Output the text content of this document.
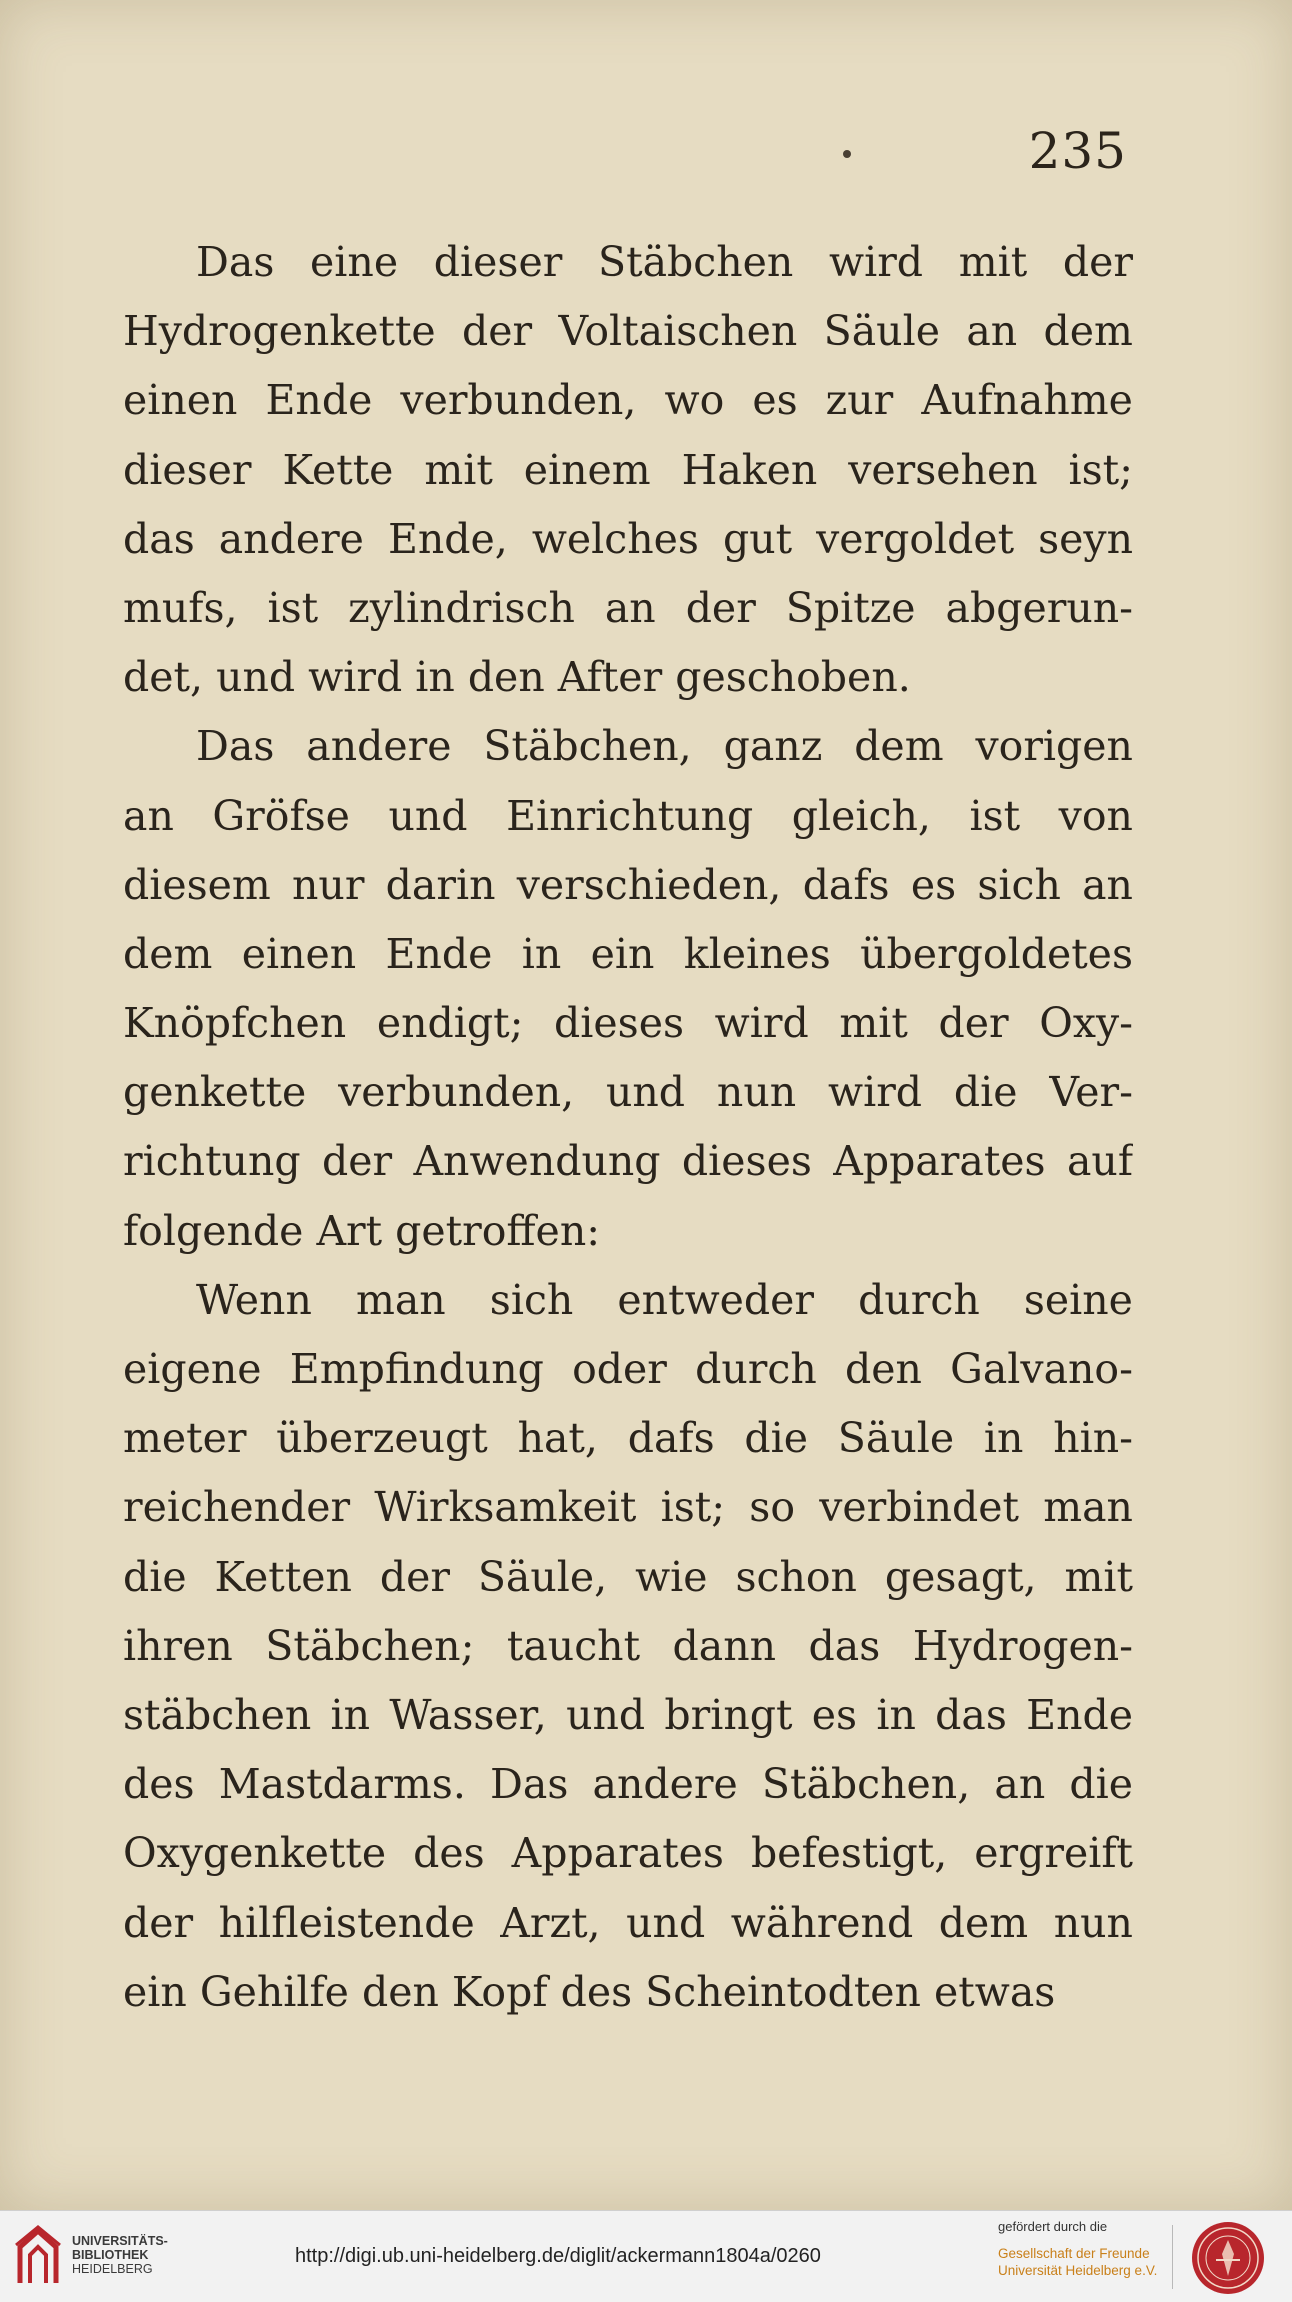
235
Das eine dieser Stäbchen wird mit der
Hydrogenkette der Voltaischen Säule an dem
einen Ende verbunden, wo es zur Aufnahme
dieser Kette mit einem Haken versehen ist;
das andere Ende, welches gut vergoldet seyn
mufs, ist zylindrisch an der Spitze abgerun-
det, und wird in den After geschoben.
Das andere Stäbchen, ganz dem vorigen
an Gröfse und Einrichtung gleich, ist von
diesem nur darin verschieden, dafs es sich an
dem einen Ende in ein kleines übergoldetes
Knöpfchen endigt; dieses wird mit der Oxy-
genkette verbunden, und nun wird die Ver-
richtung der Anwendung dieses Apparates auf
folgende Art getroffen:
Wenn man sich entweder durch seine
eigene Empfindung oder durch den Galvano-
meter überzeugt hat, dafs die Säule in hin-
reichender Wirksamkeit ist; so verbindet man
die Ketten der Säule, wie schon gesagt, mit
ihren Stäbchen; taucht dann das Hydrogen-
stäbchen in Wasser, und bringt es in das Ende
des Mastdarms. Das andere Stäbchen, an die
Oxygenkette des Apparates befestigt, ergreift
der hilfleistende Arzt, und während dem nun
ein Gehilfe den Kopf des Scheintodten etwas
UNIVERSITÄTS-
BIBLIOTHEK
HEIDELBERG
http://digi.ub.uni-heidelberg.de/diglit/ackermann1804a/0260
gefördert durch die
Gesellschaft der Freunde
Universität Heidelberg e.V.
